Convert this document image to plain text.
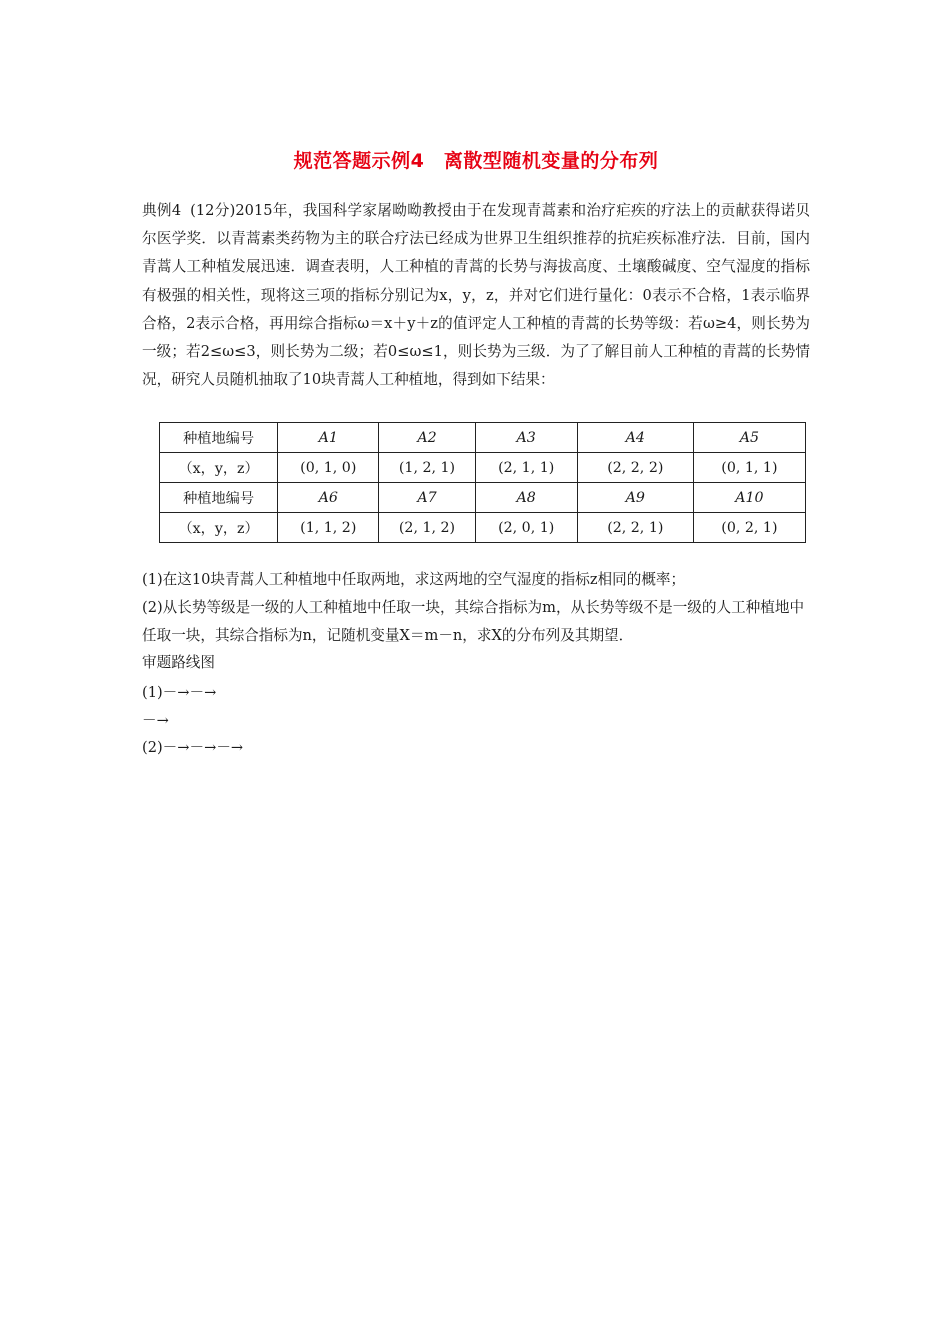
规范答题示例4　离散型随机变量的分布列
典例4 (12分)2015年，我国科学家屠呦呦教授由于在发现青蒿素和治疗疟疾的疗法上的贡献获得诺贝尔医学奖．以青蒿素类药物为主的联合疗法已经成为世界卫生组织推荐的抗疟疾标准疗法．目前，国内青蒿人工种植发展迅速．调查表明，人工种植的青蒿的长势与海拔高度、土壤酸碱度、空气湿度的指标有极强的相关性，现将这三项的指标分别记为x，y，z，并对它们进行量化：0表示不合格，1表示临界合格，2表示合格，再用综合指标ω＝x＋y＋z的值评定人工种植的青蒿的长势等级：若ω≥4，则长势为一级；若2≤ω≤3，则长势为二级；若0≤ω≤1，则长势为三级．为了了解目前人工种植的青蒿的长势情况，研究人员随机抽取了10块青蒿人工种植地，得到如下结果：
种植地编号	A1	A2	A3	A4	A5
（x，y，z）	(0, 1, 0)	(1, 2, 1)	(2, 1, 1)	(2, 2, 2)	(0, 1, 1)
种植地编号	A6	A7	A8	A9	A10
（x，y，z）	(1, 1, 2)	(2, 1, 2)	(2, 0, 1)	(2, 2, 1)	(0, 2, 1)
(1)在这10块青蒿人工种植地中任取两地，求这两地的空气湿度的指标z相同的概率；
(2)从长势等级是一级的人工种植地中任取一块，其综合指标为m，从长势等级不是一级的人工种植地中任取一块，其综合指标为n，记随机变量X＝m－n，求X的分布列及其期望．
审题路线图
(1)－→－→
－→
(2)－→－→－→
